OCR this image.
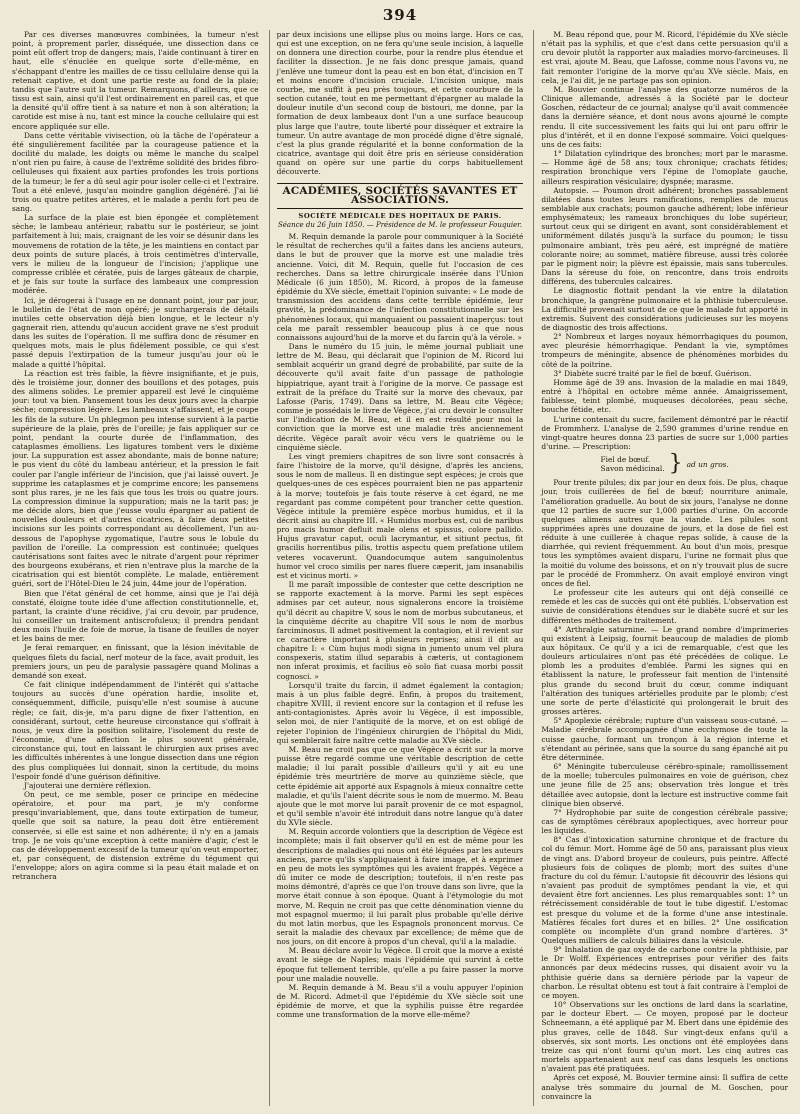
394

Par ces diverses manœuvres combinées, la tumeur n'est point, à proprement parler, disséquée, une dissection dans ce point eût offert trop de dangers; mais, l'aide continuant à tirer en haut, elle s'énuclée en quelque sorte d'elle-même, en s'échappant d'entre les mailles de ce tissu cellulaire dense qui la retenait captive, et dont une partie reste au fond de la plaie; tandis que l'autre suit la tumeur. Remarquons, d'ailleurs, que ce tissu est sain, ainsi qu'il l'est ordinairement en pareil cas, et que la densité qu'il offre tient à sa nature et non à son altération; la carotide est mise à nu, tant est mince la couche cellulaire qui est encore appliquée sur elle.

Dans cette véritable vivisection, où la tâche de l'opérateur a été singulièrement facilitée par la courageuse patience et la docilité du malade, les doigts ou même le manche du scalpel n'ont rien pu faire, à cause de l'extrême solidité des brides fibro-celluleuses qui fixaient aux parties profondes les trois portions de la tumeur; le fer a dû seul agir pour isoler celle-ci et l'extraire. Tout a été enlevé, jusqu'au moindre ganglion dégénéré. J'ai lié trois ou quatre petites artères, et le malade a perdu fort peu de sang.

La surface de la plaie est bien épongée et complètement sèche; le lambeau antérieur, rabattu sur le postérieur, se joint parfaitement à lui; mais, craignant de les voir se désunir dans les mouvemens de rotation de la tête, je les maintiens en contact par deux points de suture placés, à trois centimètres d'intervalle, vers le milieu de la longueur de l'incision; j'applique une compresse criblée et cératée, puis de larges gâteaux de charpie, et je fais sur toute la surface des lambeaux une compression modérée.

Ici, je dérogerai à l'usage en ne donnant point, jour par jour, le bulletin de l'état de mon opéré; je surchargerais de détails inutiles cette observation déjà bien longue, et le lecteur n'y gagnerait rien, attendu qu'aucun accident grave ne s'est produit dans les suites de l'opération. Il me suffira donc de résumer en quelques mots, mais le plus fidèlement possible, ce qui s'est passé depuis l'extirpation de la tumeur jusqu'au jour où le malade a quitté l'hôpital.

La réaction est très faible, la fièvre insignifiante, et je puis, dès le troisième jour, donner des bouillons et des potages, puis des alimens solides. Le premier appareil est levé le cinquième jour: tout va bien. Pansement tous les deux jours avec la charpie sèche; compression légère. Les lambeaux s'affaissent, et je coupe les fils de la suture. Un phlegmon peu intense survient à la partie supérieure de la plaie, près de l'oreille; je fais appliquer sur ce point, pendant la courte durée de l'inflammation, des cataplasmes émolliens. Les ligatures tombent vers le dixième jour. La suppuration est assez abondante, mais de bonne nature; le pus vient du côté du lambeau antérieur, et la pression le fait couler par l'angle inférieur de l'incision, que j'ai laissé ouvert. Je supprime les cataplasmes et je comprime encore; les pansemens sont plus rares, je ne les fais que tous les trois ou quatre jours. La compression diminue la suppuration; mais ne la tarit pas; je me décide alors, bien que j'eusse voulu épargner au patient de nouvelles douleurs et d'autres cicatrices, à faire deux petites incisions sur les points correspondant au décollement, l'un au-dessous de l'apophyse zygomatique, l'autre sous le lobule du pavillon de l'oreille. La compression est continuée; quelques cautérisations sont faites avec le nitrate d'argent pour réprimer des bourgeons exubérans, et rien n'entrave plus la marche de la cicatrisation qui est bientôt complète. Le malade, entièrement guéri, sort de l'Hôtel-Dieu le 24 juin, 44me jour de l'opération.

Bien que l'état général de cet homme, ainsi que je l'ai déjà constaté, éloigne toute idée d'une affection constitutionnelle, et, partant, la crainte d'une récidive, j'ai cru devoir, par prudence, lui conseiller un traitement antiscrofuleux; il prendra pendant deux mois l'huile de foie de morue, la tisane de feuilles de noyer et les bains de mer.

Je ferai remarquer, en finissant, que la lésion inévitable de quelques filets du facial, nerf moteur de la face, avait produit, les premiers jours, un peu de paralysie passagère quand Molinas a demandé son exeat.

Ce fait clinique indépendamment de l'intérêt qui s'attache toujours au succès d'une opération hardie, insolite et, conséquemment, difficile, puisqu'elle n'est soumise à aucune règle; ce fait, dis-je, m'a paru digne de fixer l'attention, en considérant, surtout, cette heureuse circonstance qui s'offrait à nous, je veux dire la position solitaire, l'isolement du reste de l'économie, d'une affection le plus souvent générale, circonstance qui, tout en laissant le chirurgien aux prises avec les difficultés inhérentes à une longue dissection dans une région des plus compliquées lui donnait, sinon la certitude, du moins l'espoir fondé d'une guérison définitive.

J'ajouterai une dernière réflexion.

On peut, ce me semble, poser ce principe en médecine opératoire, et pour ma part, je m'y conforme presqu'invariablement, que, dans toute extirpation de tumeur, quelle que soit sa nature, la peau doit être entièrement conservée, si elle est saine et non adhérente; il n'y en a jamais trop. Je ne vois qu'une exception à cette manière d'agir, c'est le cas de développement excessif de la tumeur qu'on veut emporter, et, par conséquent, de distension extrême du tégument qui l'enveloppe; alors on agira comme si la peau était malade et on retranchera

par deux incisions une ellipse plus ou moins large. Hors ce cas, qui est une exception, on ne fera qu'une seule incision, à laquelle on donnera une direction courbe, pour la rendre plus étendue et faciliter la dissection. Je ne fais donc presque jamais, quand j'enlève une tumeur dont la peau est en bon état, d'incision en T et moins encore d'incision cruciale. L'incision unique, mais courbe, me suffit à peu près toujours, et cette courbure de la section cutanée, tout en me permettant d'épargner au malade la douleur inutile d'un second coup de bistouri, me donne, par la formation de deux lambeaux dont l'un a une surface beaucoup plus large que l'autre, toute liberté pour disséquer et extraire la tumeur. Un autre avantage de mon procédé digne d'être signalé, c'est la plus grande régularité et la bonne conformation de la cicatrice, avantage qui doit être pris en sérieuse considération quand on opère sur une partie du corps habituellement découverte.

ACADÉMIES, SOCIÉTÉS SAVANTES ET ASSOCIATIONS.
SOCIÉTÉ MÉDICALE DES HOPITAUX DE PARIS.
Séance du 26 Juin 1850. — Présidence de M. le professeur Fouquier.

M. Requin demande la parole pour communiquer à la Société le résultat de recherches qu'il a faites dans les anciens auteurs, dans le but de prouver que la morve est une maladie très ancienne. Voici, dit M. Requin, quelle fut l'occasion de ces recherches. Dans sa lettre chirurgicale insérée dans l'Union Médicale (6 juin 1850), M. Ricord, à propos de la fameuse épidémie du XVe siècle, émettait l'opinion suivante: « Le mode de transmission des accidens dans cette terrible épidémie, leur gravité, la prédominance de l'infection constitutionnelle sur les phénomènes locaux, qui manquaient ou passaient inaperçus: tout cela me paraît ressembler beaucoup plus à ce que nous connaissons aujourd'hui de la morve et du farcin qu'à la vérole. »

Dans le numéro du 15 juin, le même journal publiait une lettre de M. Beau, qui déclarait que l'opinion de M. Ricord lui semblait acquérir un grand degré de probabilité, par suite de la découverte qu'il avait faite d'un passage de pathologie hippiatrique, ayant trait à l'origine de la morve. Ce passage est extrait de la préface du Traité sur la morve des chevaux, par Lafosse (Paris, 1749). Dans sa lettre, M. Beau cite Végèce; comme je possédais le livre de Végèce, j'ai cru devoir le consulter sur l'indication de M. Beau, et il en est résulté pour moi la conviction que la morve est une maladie très anciennement décrite. Végèce paraît avoir vécu vers le quatrième ou le cinquième siècle.

Les vingt premiers chapitres de son livre sont consacrés à faire l'histoire de la morve, qu'il désigne, d'après les anciens, sous le nom de malleus. Il en distingue sept espèces; je crois que quelques-unes de ces espèces pourraient bien ne pas appartenir à la morve; toutefois je fais toute réserve à cet égard, ne me regardant pas comme compétent pour trancher cette question. Végèce intitule la première espèce morbus humidus, et il la décrit ainsi au chapitre III. « Humidus morbus est, cui de naribus pro macis humor defluit male olens et spissus, colore pallido. Hujus gravatur caput, oculi lacrymantur, et sitiunt pectus, fit gracilis horrentibus pilis, trottis aspectu quem prefatione utilem veteres vocaverunt. Quandocumque autem sanguinolentus humor vel croco similis per nares fluere cæperit, jam insanabilis est et vicinus morti. »

Il me paraît impossible de contester que cette description ne se rapporte exactement à la morve. Parmi les sept espèces admises par cet auteur, nous signalerons encore la troisième qu'il décrit au chapitre V, sous le nom de morbus subcutaneus, et la cinquième décrite au chapitre VII sous le nom de morbus farciminosus. Il admet positivement la contagion, et il revient sur ce caractère important à plusieurs reprises; ainsi il dit au chapitre I: « Cùm hujus modi signa in jumento unum vel plura conspexeris, statim illud separabis à cæteris, ut contagionem non inferat proximis, et facilius eò solo fiat cuasa morbi possit cognosci. »

Lorsqu'il traite du farcin, il admet également la contagion; mais à un plus faible degré. Enfin, à propos du traitement, chapitre XVIII, il revient encore sur la contagion et il refuse les anti-contagionistes. Après avoir lu Végèce, il est impossible, selon moi, de nier l'antiquité de la morve, et on est obligé de rejeter l'opinion de l'ingénieux chirurgien de l'hôpital du Midi, qui semblerait faire naître cette maladie au XVe siècle.

M. Beau ne croit pas que ce que Végèce a écrit sur la morve puisse être regardé comme une véritable description de cette maladie; il lui paraît possible d'ailleurs qu'il y ait eu une épidémie très meurtrière de morve au quinzième siècle, que cette épidémie ait apporté aux Espagnols à mieux connaître cette maladie, et qu'ils l'aient décrite sous le nom de muermo. M. Beau ajoute que le mot morve lui paraît provenir de ce mot espagnol, et qu'il semble n'avoir été introduit dans notre langue qu'à dater du XVIe siècle.

M. Requin accorde volontiers que la description de Végèce est incomplète; mais il fait observer qu'il en est de même pour les descriptions de maladies qui nous ont été léguées par les auteurs anciens, parce qu'ils s'appliquaient à faire image, et à exprimer en peu de mots les symptômes qui les avaient frappés. Végèce a dû imiter ce mode de description; toutefois, il n'en reste pas moins démontré, d'après ce que l'on trouve dans son livre, que la morve était connue à son époque. Quant à l'étymologie du mot morve, M. Requin ne croit pas que cette dénomination vienne du mot espagnol muermo; il lui paraît plus probable qu'elle dérive du mot latin morbus, que les Espagnols prononcent morvus. Ce serait la maladie des chevaux par excellence; de même que de nos jours, on dit encore à propos d'un cheval, qu'il a la maladie.

M. Beau déclare avoir lu Végèce. Il croit que la morve a existé avant le siège de Naples; mais l'épidémie qui survint à cette époque fut tellement terrible, qu'elle a pu faire passer la morve pour une maladie nouvelle.

M. Requin demande à M. Beau s'il a voulu appuyer l'opinion de M. Ricord. Admet-il que l'épidémie du XVe siècle soit une épidémie de morve, et que la syphilis puisse être regardée comme une transformation de la morve elle-même?

M. Beau répond que, pour M. Ricord, l'épidémie du XVe siècle n'était pas la syphilis, et que c'est dans cette persuasion qu'il a cru devoir plutôt la rapporter aux maladies morvo-farcineuses. Il est vrai, ajoute M. Beau, que Lafosse, comme nous l'avons vu, ne fait remonter l'origine de la morve qu'au XVe siècle. Mais, en cela, je l'ai dit, je ne partage pas son opinion.

M. Bouvier continue l'analyse des quatorze numéros de la Clinique allemande, adressés à la Société par le docteur Goschen, rédacteur de ce journal; analyse qu'il avait commencée dans la dernière séance, et dont nous avons ajourné le compte rendu. Il cite successivement les faits qui lui ont paru offrir le plus d'intérêt, et il en donne l'exposé sommaire. Voici quelques-uns de ces faits:

1° Dilatation cylindrique des bronches; mort par le marasme. — Homme âgé de 58 ans; toux chronique; crachats fétides; respiration bronchique vers l'épine de l'omoplate gauche, ailleurs respiration vésiculaire; dyspnée; marasme.

Autopsie. — Poumon droit adhérent; bronches passablement dilatées dans toutes leurs ramifications, remplies de mucus semblable aux crachats; poumon gauche adhérent; lobe inférieur emphysémateux; les rameaux bronchiques du lobe supérieur, surtout ceux qui se dirigent en avant, sont considérablement et uniformément dilatés jusqu'à la surface du poumon; le tissu pulmonaire ambiant, très peu aéré, est imprégné de matière colorante noire; au sommet, matière fibreuse, aussi très colorée par le pigment noir; la plèvre est épaissie, mais sans tubercules. Dans la séreuse du foie, on rencontre, dans trois endroits différens, des tubercules calcaires.

Le diagnostic flottait pendant la vie entre la dilatation bronchique, la gangrène pulmonaire et la phthisie tuberculeuse. La difficulté provenait surtout de ce que le malade fut apporté in extremis. Suivent des considérations judicieuses sur les moyens de diagnostic des trois affections.

2° Nombreux et larges noyaux hémorrhagiques du poumon, avec pleurésie hémorrhagique. Pendant la vie, symptômes trompeurs de méningite, absence de phénomènes morbides du côté de la poitrine.

3° Diabète sucré traité par le fiel de bœuf. Guérison.

Homme âgé de 39 ans. Invasion de la maladie en mai 1849, entré à l'hôpital en octobre même année. Amaigrissement, faiblesse, teint plombé, muqueuses décolorées, peau sèche, bouche fétide, etc.

L'urine contenait du sucre, facilement démontré par le réactif de Frommherz. L'analyse de 2,590 grammes d'urine rendue en vingt-quatre heures donna 23 parties de sucre sur 1,000 parties d'urine. — Prescription:

Fiel de bœuf.
Savon médicinal. } ad un gros.

Pour trente pilules; dix par jour en deux fois. De plus, chaque jour, trois cuillerées de fiel de bœuf; nourriture animale, l'amélioration graduelle. Au bout de six jours, l'analyse ne donne que 12 parties de sucre sur 1,000 parties d'urine. On accorde quelques alimens autres que la viande. Les pilules sont supprimées après une douzaine de jours, et la dose de fiel est réduite à une cuillerée à chaque repas solide, à cause de la diarrhée, qui revient fréquemment. Au bout d'un mois, presque tous les symptômes avaient disparu, l'urine ne formait plus que la moitié du volume des boissons, et on n'y trouvait plus de sucre par le procédé de Frommherz. On avait employé environ vingt onces de fiel.

Le professeur cite les auteurs qui ont déjà conseillé ce remède et les cas de succès qui ont été publiés. L'observation est suivie de considérations étendues sur le diabète sucré et sur les différentes méthodes de traitement.

4° Arthralgie saturnine. — Le grand nombre d'imprimeries qui existent à Leipsig, fournit beaucoup de maladies de plomb aux hôpitaux. Ce qu'il y a ici de remarquable, c'est que les douleurs articulaires n'ont pas été précédées de colique. Le plomb les a produites d'emblée. Parmi les signes qui en établissent la nature, le professeur fait mention de l'intensité plus grande du second bruit du cœur, comme indiquant l'altération des tuniques artérielles produite par le plomb; c'est une sorte de perte d'élasticité qui prolongerait le bruit des grosses artères.

5° Apoplexie cérébrale; rupture d'un vaisseau sous-cutané. — Maladie cérébrale accompagnée d'une ecchymose de toute la cuisse gauche, formant un tronçon à la région interne et s'étendant au périnée, sans que la source du sang épanché ait pu être déterminée.

6° Méningite tuberculeuse cérébro-spinale; ramollissement de la moelle; tubercules pulmonaires en voie de guérison, chez une jeune fille de 25 ans; observation très longue et très détaillée avec autopsie, dont la lecture est instructive comme fait clinique bien observé.

7° Hydrophobie par suite de congestion cérébrale passive; cas de symptômes cérébraux apoplectiques, avec horreur pour les liquides.

8° Cas d'intoxication saturnine chronique et de fracture du col du fémur. Mort. Homme âgé de 50 ans, paraissant plus vieux de vingt ans. D'abord broyeur de couleurs, puis peintre. Affecté plusieurs fois de coliques de plomb; mort des suites d'une fracture du col du fémur. L'autopsie fit découvrir des lésions qui n'avaient pas produit de symptômes pendant la vie, et qui devaient être fort anciennes. Les plus remarquables sont: 1° un rétrécissement considérable de tout le tube digestif. L'estomac est presque du volume et de la forme d'une anse intestinale. Matières fécales fort dures et en billes. 2° Une ossification complète ou incomplète d'un grand nombre d'artères. 3° Quelques milliers de calculs biliaires dans la vésicule.

9° Inhalation de gaz oxyde de carbone contre la phthisie, par le Dr Wolff. Expériences entreprises pour vérifier des faits annoncés par deux médecins russes, qui disaient avoir vu la phthisie guérie dans sa dernière période par la vapeur de charbon. Le résultat obtenu est tout à fait contraire à l'emploi de ce moyen.

10° Observations sur les onctions de lard dans la scarlatine, par le docteur Ebert. — Ce moyen, proposé par le docteur Schneemann, a été appliqué par M. Ebert dans une épidémie des plus graves, celle de 1848. Sur vingt-deux enfans qu'il a observés, six sont morts. Les onctions ont été employées dans treize cas qui n'ont fourni qu'un mort. Les cinq autres cas mortels appartenaient aux neuf cas dans lesquels les onctions n'avaient pas été pratiquées.

Après cet exposé, M. Bouvier termine ainsi: Il suffira de cette analyse très sommaire du journal de M. Goschen, pour convaincre la
